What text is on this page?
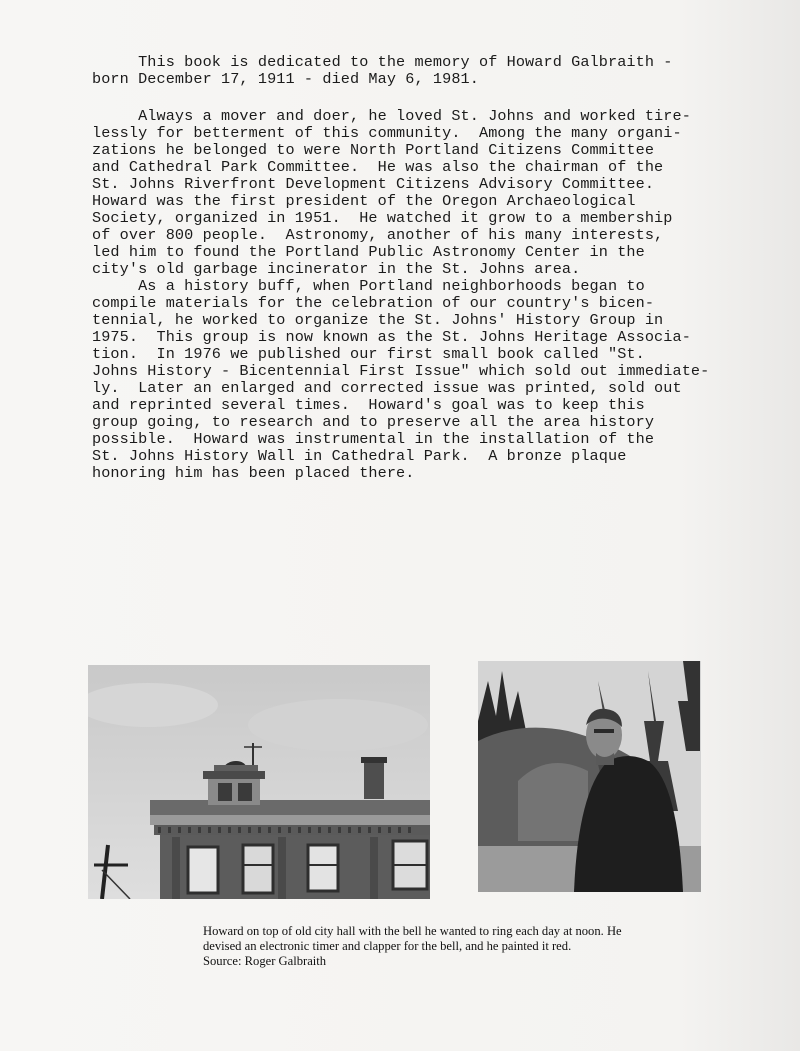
This book is dedicated to the memory of Howard Galbraith -

born December 17, 1911 - died May 6, 1981.

Always a mover and doer, he loved St. Johns and worked tire-

lessly for betterment of this community.  Among the many organi-

zations he belonged to were North Portland Citizens Committee

and Cathedral Park Committee.  He was also the chairman of the

St. Johns Riverfront Development Citizens Advisory Committee.

Howard was the first president of the Oregon Archaeological

Society, organized in 1951.  He watched it grow to a membership

of over 800 people.  Astronomy, another of his many interests,

led him to found the Portland Public Astronomy Center in the

city's old garbage incinerator in the St. Johns area.

As a history buff, when Portland neighborhoods began to

compile materials for the celebration of our country's bicen-

tennial, he worked to organize the St. Johns' History Group in

1975.  This group is now known as the St. Johns Heritage Associa-

tion.  In 1976 we published our first small book called "St.

Johns History - Bicentennial First Issue" which sold out immediate-

ly.  Later an enlarged and corrected issue was printed, sold out

and reprinted several times.  Howard's goal was to keep this

group going, to research and to preserve all the area history

possible.  Howard was instrumental in the installation of the

St. Johns History Wall in Cathedral Park.  A bronze plaque

honoring him has been placed there.

Howard on top of old city hall with the bell he wanted to ring each day at noon. He devised an electronic timer and clapper for the bell, and he painted it red.

Source: Roger Galbraith
